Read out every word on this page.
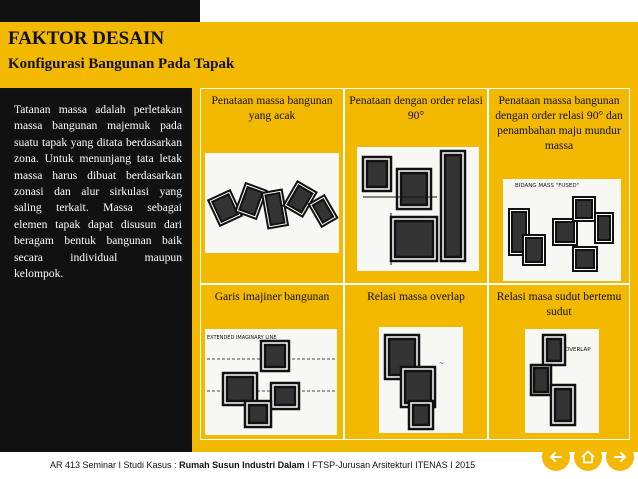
FAKTOR DESAIN
Konfigurasi Bangunan Pada Tapak

Tatanan massa adalah perletakan massa bangunan majemuk pada suatu tapak yang ditata berdasarkan zona. Untuk menunjang tata letak massa harus dibuat berdasarkan zonasi dan alur sirkulasi yang saling terkait. Massa sebagai elemen tapak dapat disusun dari beragam bentuk bangunan baik secara individual maupun kelompok.

Penataan massa bangunan yang acak
Penataan dengan order relasi 90°
Penataan massa bangunan dengan order relasi 90° dan penambahan maju mundur massa
BIDANG MASS "FUSED"
Garis imajiner bangunan
EXTENDED IMAGINARY LINE
Relasi massa overlap
~
Relasi masa sudut bertemu sudut
OVERLAP
AR 413 Seminar I Studi Kasus : Rumah Susun Industri Dalam I FTSP-Jurusan ArsitekturI ITENAS I 2015
